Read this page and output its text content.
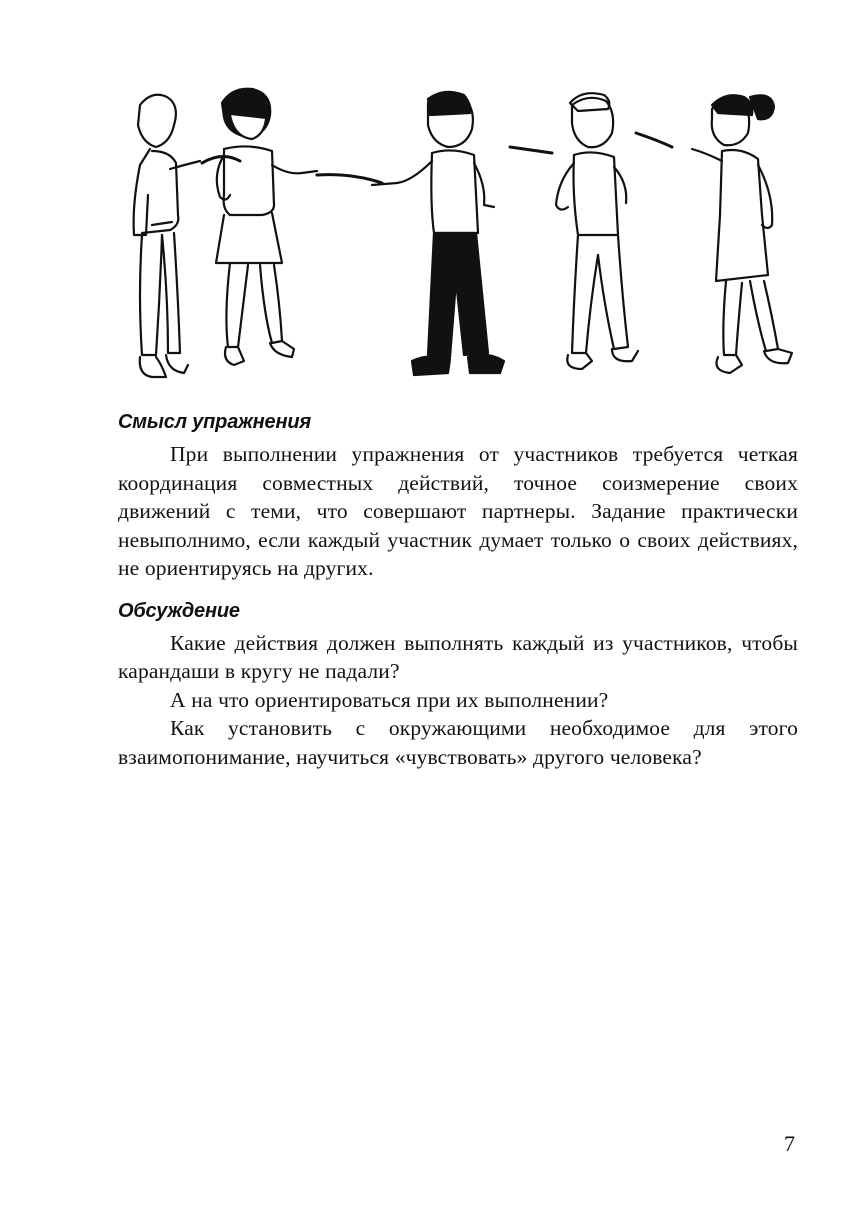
Смысл упражнения

При выполнении упражнения от участников требуется четкая координация совместных действий, точное соизмерение своих движений с теми, что совершают партнеры. Задание практически невыполнимо, если каждый участник думает только о своих действиях, не ориентируясь на других.

Обсуждение

Какие действия должен выполнять каждый из участников, чтобы карандаши в кругу не падали?

А на что ориентироваться при их выполнении?

Как установить с окружающими необходимое для этого взаимопонимание, научиться «чувствовать» другого человека?

7
